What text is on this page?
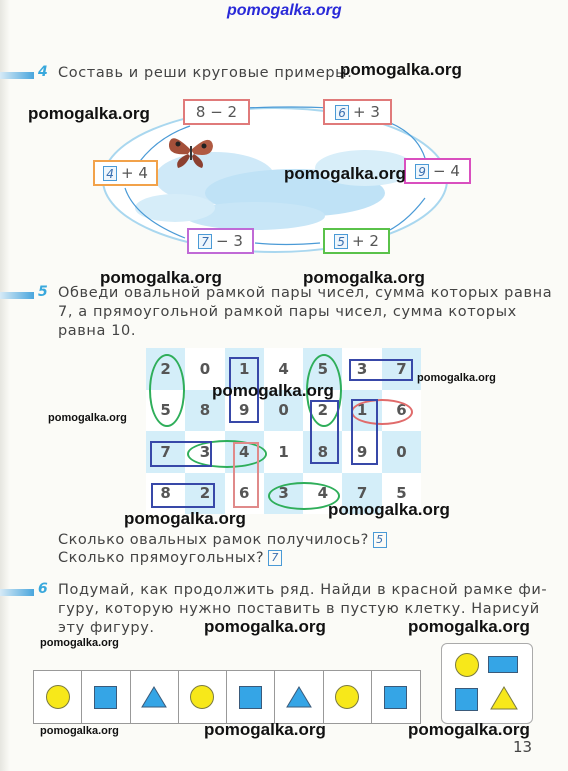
pomogalka.org
4 Составь и реши круговые примеры.
8 − 2	6 + 3
9 − 4
5 + 2
7 − 3
4 + 4
5 Обведи овальной рамкой пары чисел, сумма которых равна
7, а прямоугольной рамкой пары чисел, сумма которых
равна 10.
2	0	1	4	5	3	7
5	8	9	0	2	1	6
7	3	4	1	8	9	0
8	2	6	3	4	7	5
Сколько овальных рамок получилось? 5
Сколько прямоугольных? 7
6 Подумай, как продолжить ряд. Найди в красной рамке фи-
гуру, которую нужно поставить в пустую клетку. Нарисуй
эту фигуру.
13
pomogalka.org
pomogalka.org
pomogalka.org
pomogalka.org	pomogalka.org
pomogalka.org
pomogalka.org
pomogalka.org
pomogalka.org	pomogalka.org
pomogalka.org	pomogalka.org
pomogalka.org
pomogalka.org	pomogalka.org	pomogalka.org
